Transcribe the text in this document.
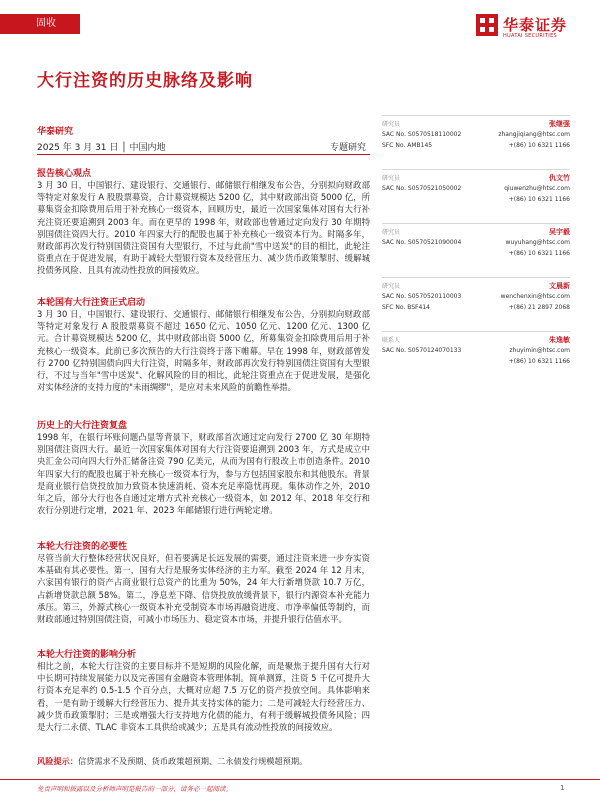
固收	华泰证券
HUATAI SECURITIES
大行注资的历史脉络及影响
华泰研究
2025 年 3 月 31 日 │ 中国内地	专题研究
报告核心观点

3 月 30 日，中国银行、建设银行、交通银行、邮储银行相继发布公告，分别拟向财政部等特定对象发行 A 股股票募资，合计募资规模达 5200 亿，其中财政部出资 5000 亿，所募集资金扣除费用后用于补充核心一级资本，回顾历史，最近一次国家集体对国有大行补充注资还要追溯到 2003 年。而在更早的 1998 年，财政部也曾通过定向发行 30 年期特别国债注资四大行。2010 年四家大行的配股也属于补充核心一级资本行为。时隔多年，财政部再次发行特别国债注资国有大型银行，不过与此前"雪中送炭"的目的相比，此轮注资重点在于促进发展，有助于减轻大型银行资本及经营压力、减少货币政策掣肘、缓解城投债务风险、且具有流动性投放的间接效应。

本轮国有大行注资正式启动

3 月 30 日，中国银行、建设银行、交通银行、邮储银行相继发布公告，分别拟向财政部等特定对象发行 A 股股票募资不超过 1650 亿元、1050 亿元、1200 亿元、1300 亿元。合计募资规模达 5200 亿，其中财政部出资 5000 亿，所募集资金扣除费用后用于补充核心一级资本。此前已多次预告的大行注资终于落下帷幕。早在 1998 年，财政部曾发行 2700 亿特别国债向四大行注资，时隔多年，财政部再次发行特别国债注资国有大型银行，不过与当年"雪中送炭"、化解风险的目的相比，此轮注资重点在于促进发展，是强化对实体经济的支持力度的"未雨绸缪"，是应对未来风险的前瞻性举措。

历史上的大行注资复盘

1998 年，在银行坏账问题凸显等背景下，财政部首次通过定向发行 2700 亿 30 年期特别国债注资四大行。最近一次国家集体对国有大行注资要追溯到 2003 年，方式是成立中央汇金公司向四大行外汇储备注资 790 亿美元，从而为国有行股改上市创造条件。2010 年四家大行的配股也属于补充核心一级资本行为，参与方包括国家股东和其他股东。背景是商业银行信贷投放加力致资本快速消耗、资本充足率隐忧再现。集体动作之外，2010 年之后，部分大行也各自通过定增方式补充核心一级资本，如 2012 年、2018 年交行和农行分别进行定增，2021 年、2023 年邮储银行进行两轮定增。

本轮大行注资的必要性

尽管当前大行整体经营状况良好，但若要满足长远发展的需要，通过注资来进一步夯实资本基础有其必要性。第一，国有大行是服务实体经济的主力军。截至 2024 年 12 月末，六家国有银行的资产占商业银行总资产的比重为 50%，24 年大行新增贷款 10.7 万亿，占新增贷款总额 58%。第二，净息差下降、信贷投放放缓背景下，银行内源资本补充能力承压。第三，外源式核心一级资本补充受制资本市场再融资进度、市净率偏低等制约，而财政部通过特别国债注资，可减小市场压力、稳定资本市场，并提升银行估值水平。

本轮大行注资的影响分析

相比之前，本轮大行注资的主要目标并不是短期的风险化解，而是聚焦于提升国有大行对中长期可持续发展能力以及完善国有金融资本管理体制。简单测算，注资 5 千亿可提升大行资本充足率约 0.5-1.5 个百分点，大概对应超 7.5 万亿的资产投放空间。具体影响来看，一是有助于缓解大行经营压力、提升其支持实体的能力；二是可减轻大行经营压力、减少货币政策掣肘；三是或增强大行支持地方化债的能力，有利于缓解城投债务风险；四是大行二永债、TLAC 非资本工具供给或减少；五是具有流动性投放的间接效应。

风险提示：信贷需求不及预期、货币政策超预期、二永债发行规模超预期。
研究员	张继强
SAC No. S0570518110002
SFC No. AMB145
zhangjiqiang@htsc.com
+(86) 10 6321 1166
研究员	仇文竹
SAC No. S0570521050002	qiuwenzhu@htsc.com
+(86) 10 6321 1166
研究员	吴宇毅
SAC No. S0570521090004	wuyuhang@htsc.com
+(86) 10 6321 1166
研究员	文晨新
SAC No. S0570520110003
SFC No. BSF414
wenchenxin@htsc.com
+(86) 21 2897 2068
联系人	朱逸敏
SAC No. S0570124070133	zhuyimin@htsc.com
+(86) 10 6321 1166
免责声明和披露以及分析师声明是报告的一部分，请务必一起阅读。	1
